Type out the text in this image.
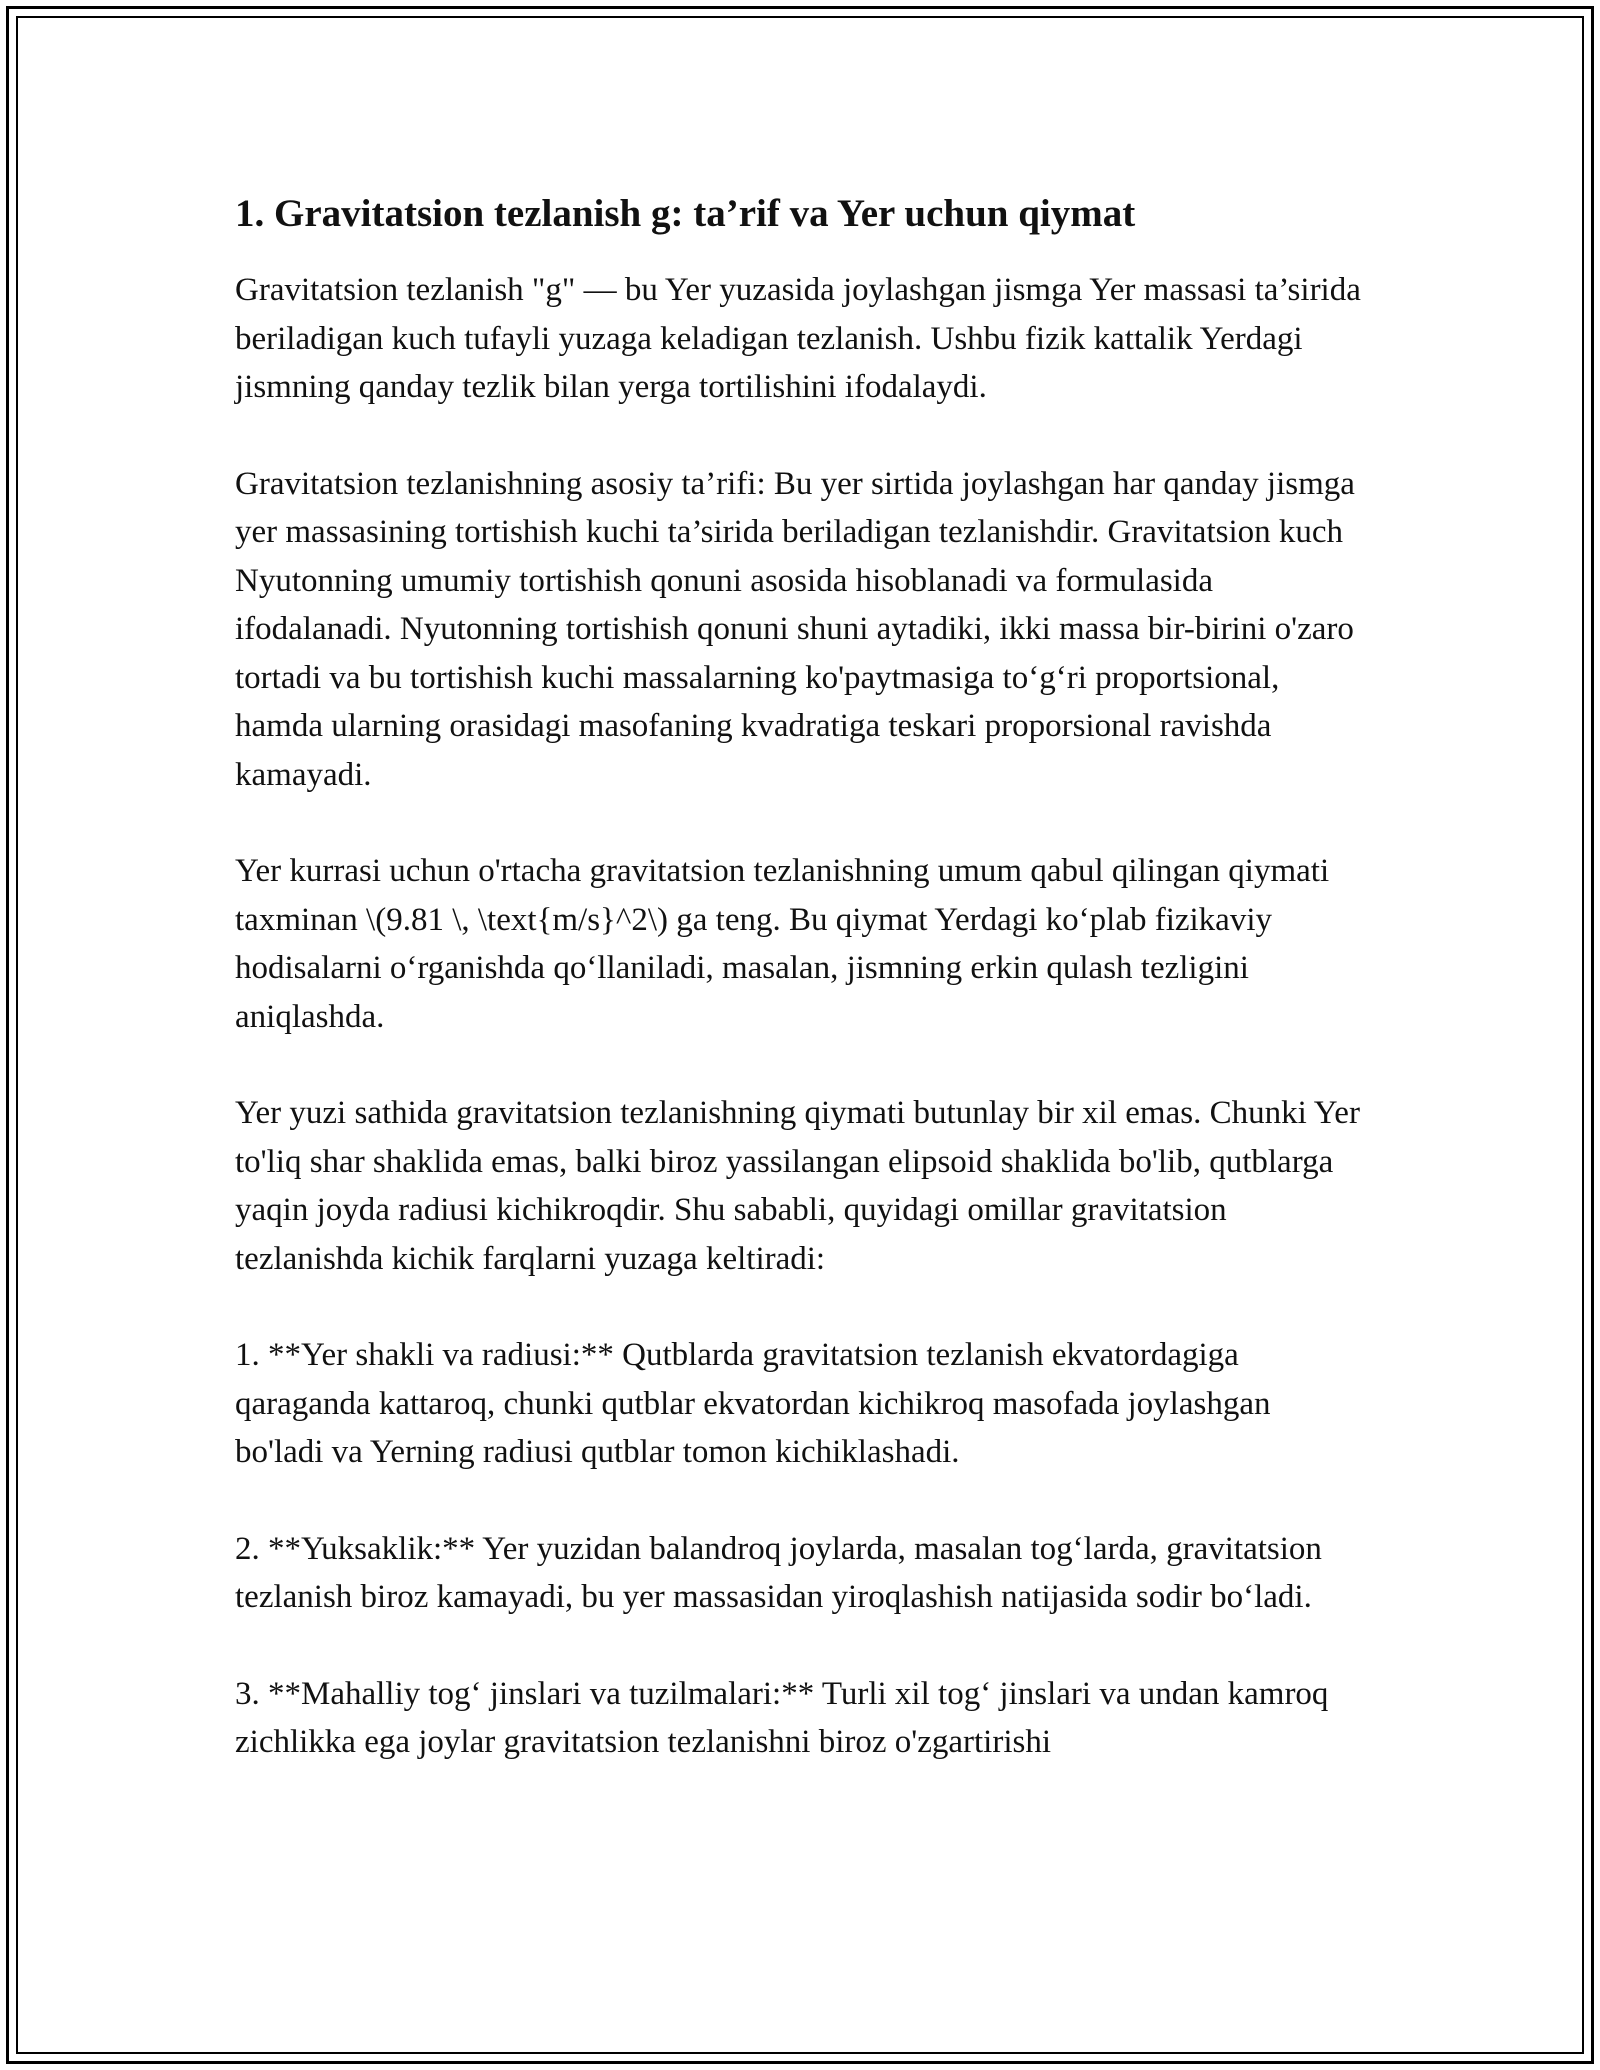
1. Gravitatsion tezlanish g: ta’rif va Yer uchun qiymat

Gravitatsion tezlanish "g" — bu Yer yuzasida joylashgan jismga Yer massasi ta’sirida beriladigan kuch tufayli yuzaga keladigan tezlanish. Ushbu fizik kattalik Yerdagi jismning qanday tezlik bilan yerga tortilishini ifodalaydi.

Gravitatsion tezlanishning asosiy ta’rifi: Bu yer sirtida joylashgan har qanday jismga yer massasining tortishish kuchi ta’sirida beriladigan tezlanishdir. Gravitatsion kuch Nyutonning umumiy tortishish qonuni asosida hisoblanadi va formulasida ifodalanadi. Nyutonning tortishish qonuni shuni aytadiki, ikki massa bir-birini o'zaro tortadi va bu tortishish kuchi massalarning ko'paytmasiga to‘g‘ri proportsional, hamda ularning orasidagi masofaning kvadratiga teskari proporsional ravishda kamayadi.

Yer kurrasi uchun o'rtacha gravitatsion tezlanishning umum qabul qilingan qiymati taxminan \(9.81 \, \text{m/s}^2\) ga teng. Bu qiymat Yerdagi ko‘plab fizikaviy hodisalarni o‘rganishda qo‘llaniladi, masalan, jismning erkin qulash tezligini aniqlashda.

Yer yuzi sathida gravitatsion tezlanishning qiymati butunlay bir xil emas. Chunki Yer to'liq shar shaklida emas, balki biroz yassilangan elipsoid shaklida bo'lib, qutblarga yaqin joyda radiusi kichikroqdir. Shu sababli, quyidagi omillar gravitatsion tezlanishda kichik farqlarni yuzaga keltiradi:

1. **Yer shakli va radiusi:** Qutblarda gravitatsion tezlanish ekvatordagiga qaraganda kattaroq, chunki qutblar ekvatordan kichikroq masofada joylashgan bo'ladi va Yerning radiusi qutblar tomon kichiklashadi.

2. **Yuksaklik:** Yer yuzidan balandroq joylarda, masalan tog‘larda, gravitatsion tezlanish biroz kamayadi, bu yer massasidan yiroqlashish natijasida sodir bo‘ladi.

3. **Mahalliy tog‘ jinslari va tuzilmalari:** Turli xil tog‘ jinslari va undan kamroq zichlikka ega joylar gravitatsion tezlanishni biroz o'zgartirishi
